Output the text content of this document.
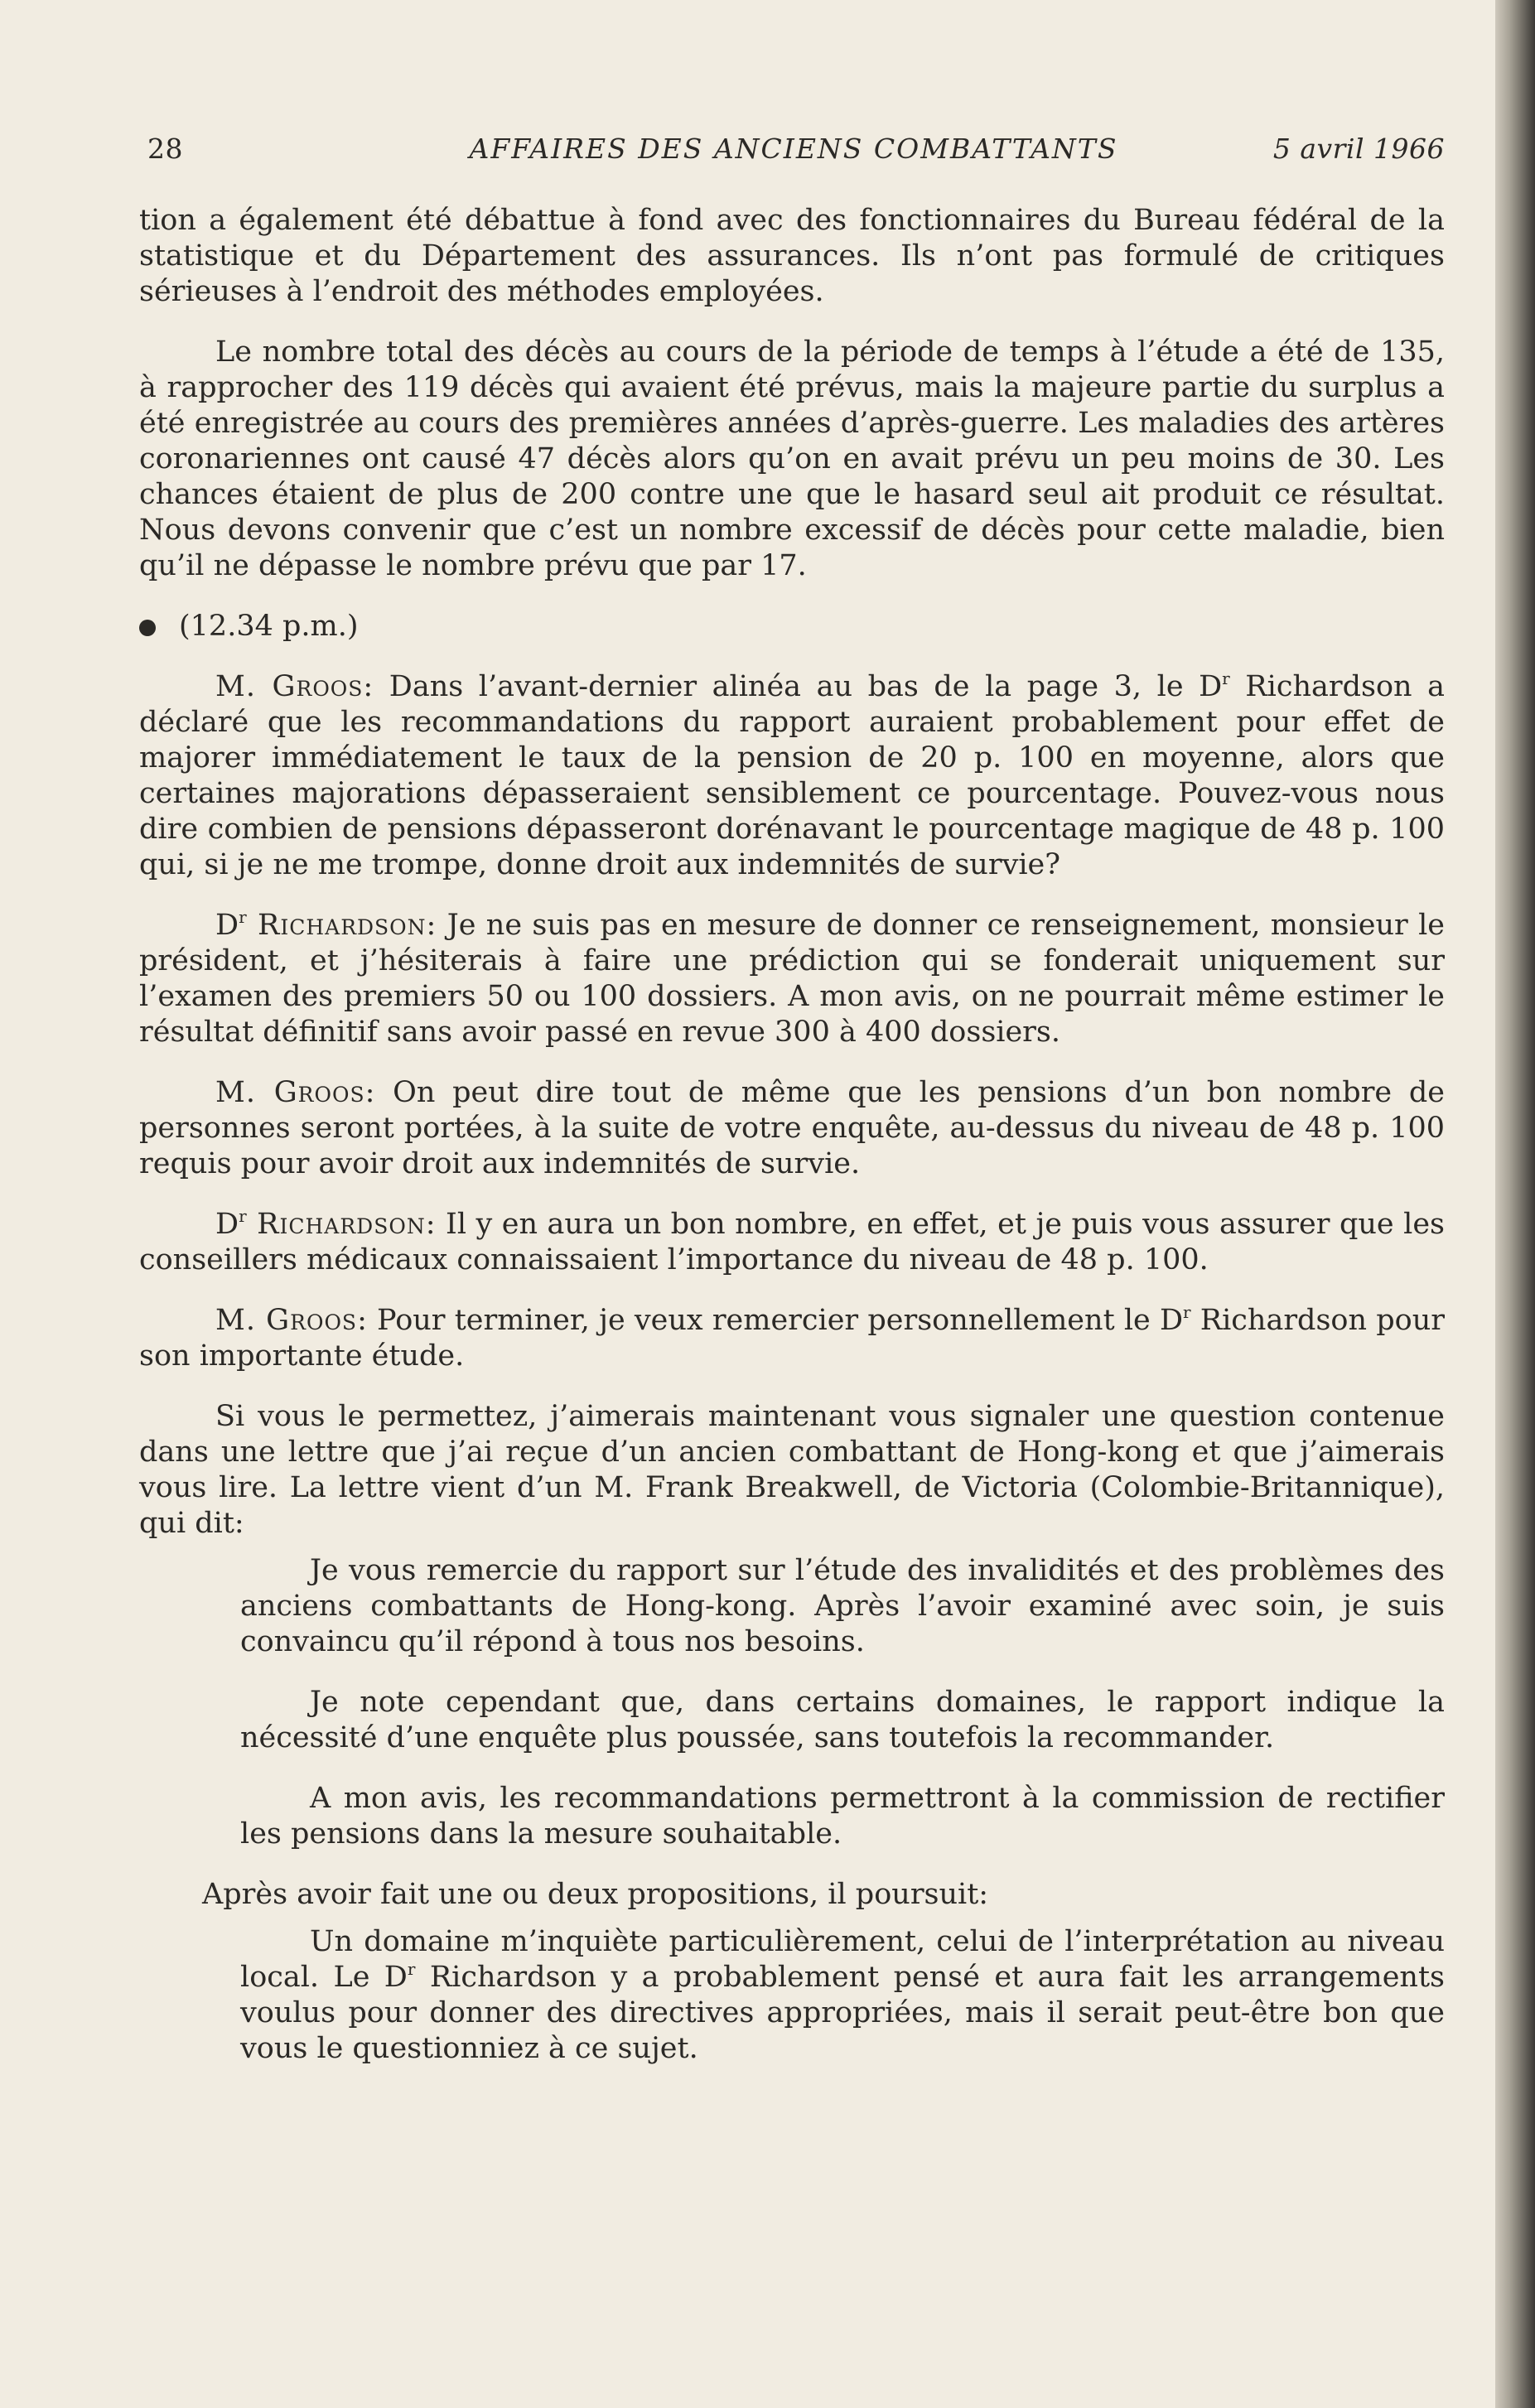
28	AFFAIRES DES ANCIENS COMBATTANTS	5 avril 1966

tion a également été débattue à fond avec des fonctionnaires du Bureau fédéral de la statistique et du Département des assurances. Ils n’ont pas formulé de critiques sérieuses à l’endroit des méthodes employées.

Le nombre total des décès au cours de la période de temps à l’étude a été de 135, à rapprocher des 119 décès qui avaient été prévus, mais la majeure partie du surplus a été enregistrée au cours des premières années d’après-guerre. Les maladies des artères coronariennes ont causé 47 décès alors qu’on en avait prévu un peu moins de 30. Les chances étaient de plus de 200 contre une que le hasard seul ait produit ce résultat. Nous devons convenir que c’est un nombre excessif de décès pour cette maladie, bien qu’il ne dépasse le nombre prévu que par 17.

(12.34 p.m.)

M. Groos: Dans l’avant-dernier alinéa au bas de la page 3, le $D^r$ Richardson a déclaré que les recommandations du rapport auraient probablement pour effet de majorer immédiatement le taux de la pension de 20 p. 100 en moyenne, alors que certaines majorations dépasseraient sensiblement ce pourcentage. Pouvez-vous nous dire combien de pensions dépasseront dorénavant le pourcentage magique de 48 p. 100 qui, si je ne me trompe, donne droit aux indemnités de survie?

$D^r$ Richardson: Je ne suis pas en mesure de donner ce renseignement, monsieur le président, et j’hésiterais à faire une prédiction qui se fonderait uniquement sur l’examen des premiers 50 ou 100 dossiers. A mon avis, on ne pourrait même estimer le résultat définitif sans avoir passé en revue 300 à 400 dossiers.

M. Groos: On peut dire tout de même que les pensions d’un bon nombre de personnes seront portées, à la suite de votre enquête, au-dessus du niveau de 48 p. 100 requis pour avoir droit aux indemnités de survie.

$D^r$ Richardson: Il y en aura un bon nombre, en effet, et je puis vous assurer que les conseillers médicaux connaissaient l’importance du niveau de 48 p. 100.

M. Groos: Pour terminer, je veux remercier personnellement le $D^r$ Richardson pour son importante étude.

Si vous le permettez, j’aimerais maintenant vous signaler une question contenue dans une lettre que j’ai reçue d’un ancien combattant de Hong-kong et que j’aimerais vous lire. La lettre vient d’un M. Frank Breakwell, de Victoria (Colombie-Britannique), qui dit:

Je vous remercie du rapport sur l’étude des invalidités et des problèmes des anciens combattants de Hong-kong. Après l’avoir examiné avec soin, je suis convaincu qu’il répond à tous nos besoins.

Je note cependant que, dans certains domaines, le rapport indique la nécessité d’une enquête plus poussée, sans toutefois la recommander.

A mon avis, les recommandations permettront à la commission de rectifier les pensions dans la mesure souhaitable.

Après avoir fait une ou deux propositions, il poursuit:

Un domaine m’inquiète particulièrement, celui de l’interprétation au niveau local. Le $D^r$ Richardson y a probablement pensé et aura fait les arrangements voulus pour donner des directives appropriées, mais il serait peut-être bon que vous le questionniez à ce sujet.
